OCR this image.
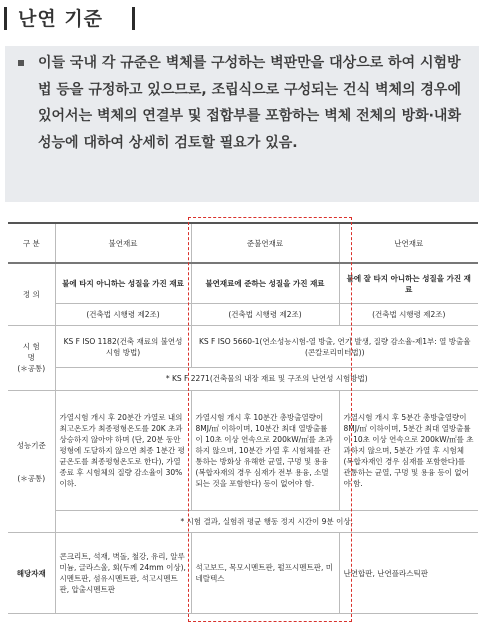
난연 기준
이들 국내 각 규준은 벽체를 구성하는 벽판만을 대상으로 하여 시험방법 등을 규정하고 있으므로, 조립식으로 구성되는 건식 벽체의 경우에 있어서는 벽체의 연결부 및 접합부를 포함하는 벽체 전체의 방화·내화성능에 대하여 상세히 검토할 필요가 있음.
구 분	불연재료	준불연재료	난연재료
정 의	불에 타지 아니하는 성질을 가진 재료	불연재료에 준하는 성질을 가진 재료	불에 잘 타지 아니하는 성질을 가진 재료
	(건축법 시행령 제2조)	(건축법 시행령 제2조)	(건축법 시행령 제2조)
시 험
명
(＊공통)	KS F ISO 1182(건축 재료의 불연성 시험 방법)	KS F ISO 5660-1(연소성능시험-열 방출, 연기 발생, 질량 감소율-제1부: 열 방출율(콘칼로리미터법))	
	* KS F 2271(건축물의 내장 재료 및 구조의 난연성 시험방법)		
성능기준

(＊공통)	가열시험 개시 후 20분간 가열로 내의 최고온도가 최종평형온도를 20K 초과 상승하지 않아야 하며 (단, 20분 동안 평형에 도달하지 않으면 최종 1분간 평균온도를 최종평형온도로 한다), 가열종료 후 시험체의 질량 감소율이 30% 이하.	가열시험 개시 후 10분간 총방출열량이 8MJ/㎡ 이하이며, 10분간 최대 열방출률이 10초 이상 연속으로 200kW/㎡를 초과하지 않으며, 10분간 가열 후 시험체를 관통하는 방화상 유해한 균열, 구멍 및 용융(복합자재의 경우 심재가 전부 용융, 소멸되는 것을 포함한다) 등이 없어야 함.	가열시험 개시 후 5분간 총방출열량이 8MJ/㎡ 이하이며, 5분간 최대 열방출률이 10초 이상 연속으로 200kW/㎡를 초과하지 않으며, 5분간 가열 후 시험체 (복합자재인 경우 심재를 포함한다)를 관통하는 균열, 구멍 및 용융 등이 없어야 함.
	* 시험 결과, 실험쥐 평균 행동 정지 시간이 9분 이상.		
해당자재	콘크리트, 석재, 벽돌, 철강, 유리, 알루미늄, 글라스울, 회(두께 24mm 이상), 시멘트판, 섬유시멘트판, 석고시멘트판, 압출시멘트판	석고보드, 목모시멘트판, 펄프시멘트판, 미네랄텍스	난연합판, 난연플라스틱판
